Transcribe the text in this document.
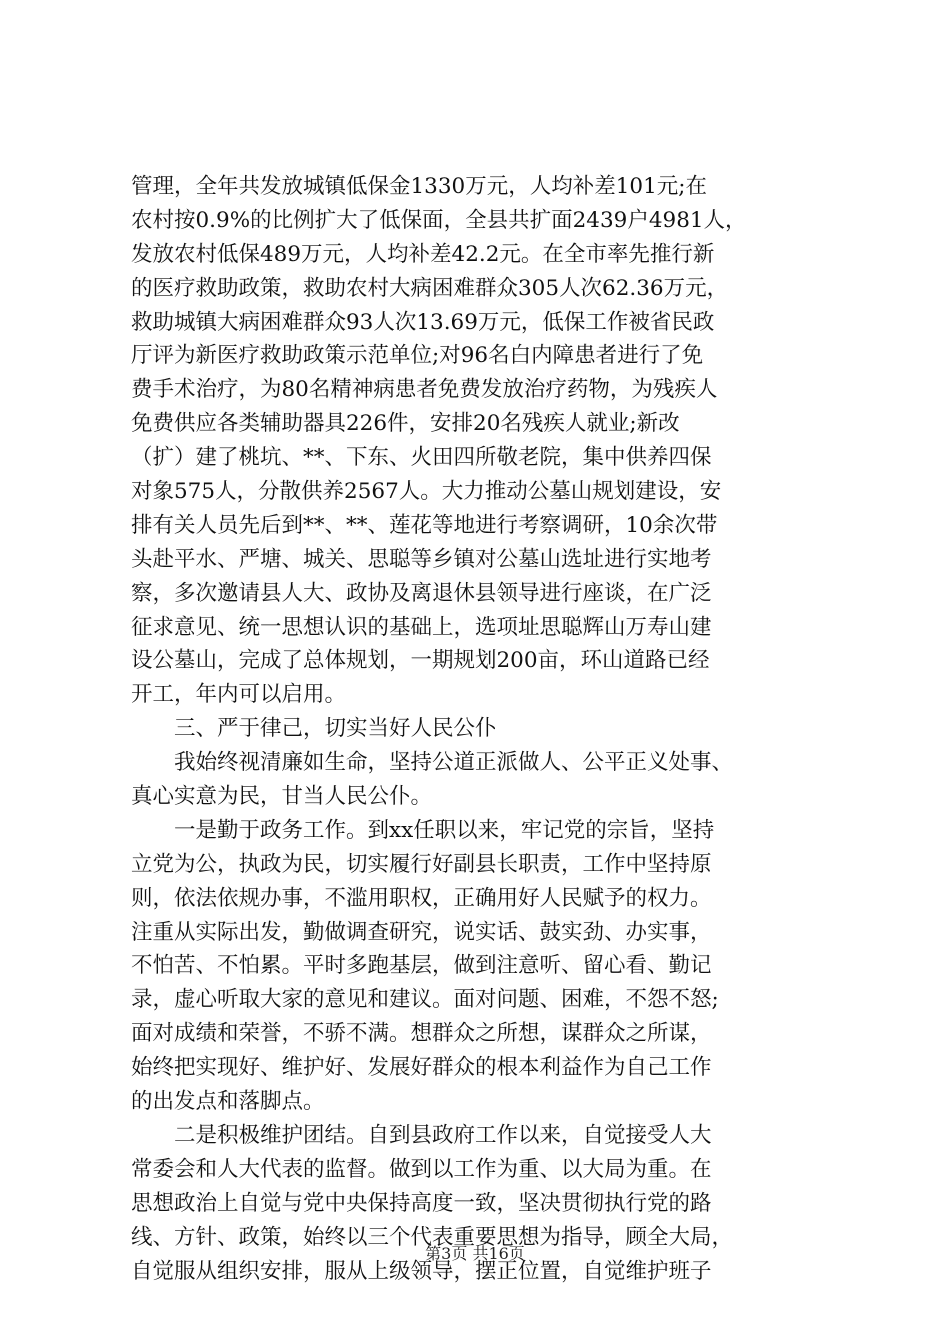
管理，全年共发放城镇低保金1330万元，人均补差101元;在
农村按0.9%的比例扩大了低保面，全县共扩面2439户4981人，
发放农村低保489万元，人均补差42.2元。在全市率先推行新
的医疗救助政策，救助农村大病困难群众305人次62.36万元，
救助城镇大病困难群众93人次13.69万元，低保工作被省民政
厅评为新医疗救助政策示范单位;对96名白内障患者进行了免
费手术治疗，为80名精神病患者免费发放治疗药物，为残疾人
免费供应各类辅助器具226件，安排20名残疾人就业;新改
（扩）建了桃坑、**、下东、火田四所敬老院，集中供养四保
对象575人，分散供养2567人。大力推动公墓山规划建设，安
排有关人员先后到**、**、莲花等地进行考察调研，10余次带
头赴平水、严塘、城关、思聪等乡镇对公墓山选址进行实地考
察，多次邀请县人大、政协及离退休县领导进行座谈，在广泛
征求意见、统一思想认识的基础上，选项址思聪辉山万寿山建
设公墓山，完成了总体规划，一期规划200亩，环山道路已经
开工，年内可以启用。
三、严于律己，切实当好人民公仆
我始终视清廉如生命，坚持公道正派做人、公平正义处事、
真心实意为民，甘当人民公仆。
一是勤于政务工作。到xx任职以来，牢记党的宗旨，坚持
立党为公，执政为民，切实履行好副县长职责，工作中坚持原
则，依法依规办事，不滥用职权，正确用好人民赋予的权力。
注重从实际出发，勤做调查研究，说实话、鼓实劲、办实事，
不怕苦、不怕累。平时多跑基层，做到注意听、留心看、勤记
录，虚心听取大家的意见和建议。面对问题、困难，不怨不怒;
面对成绩和荣誉，不骄不满。想群众之所想，谋群众之所谋，
始终把实现好、维护好、发展好群众的根本利益作为自己工作
的出发点和落脚点。
二是积极维护团结。自到县政府工作以来，自觉接受人大
常委会和人大代表的监督。做到以工作为重、以大局为重。在
思想政治上自觉与党中央保持高度一致，坚决贯彻执行党的路
线、方针、政策，始终以三个代表重要思想为指导，顾全大局，
自觉服从组织安排，服从上级领导，摆正位置，自觉维护班子
第3页 共16页
